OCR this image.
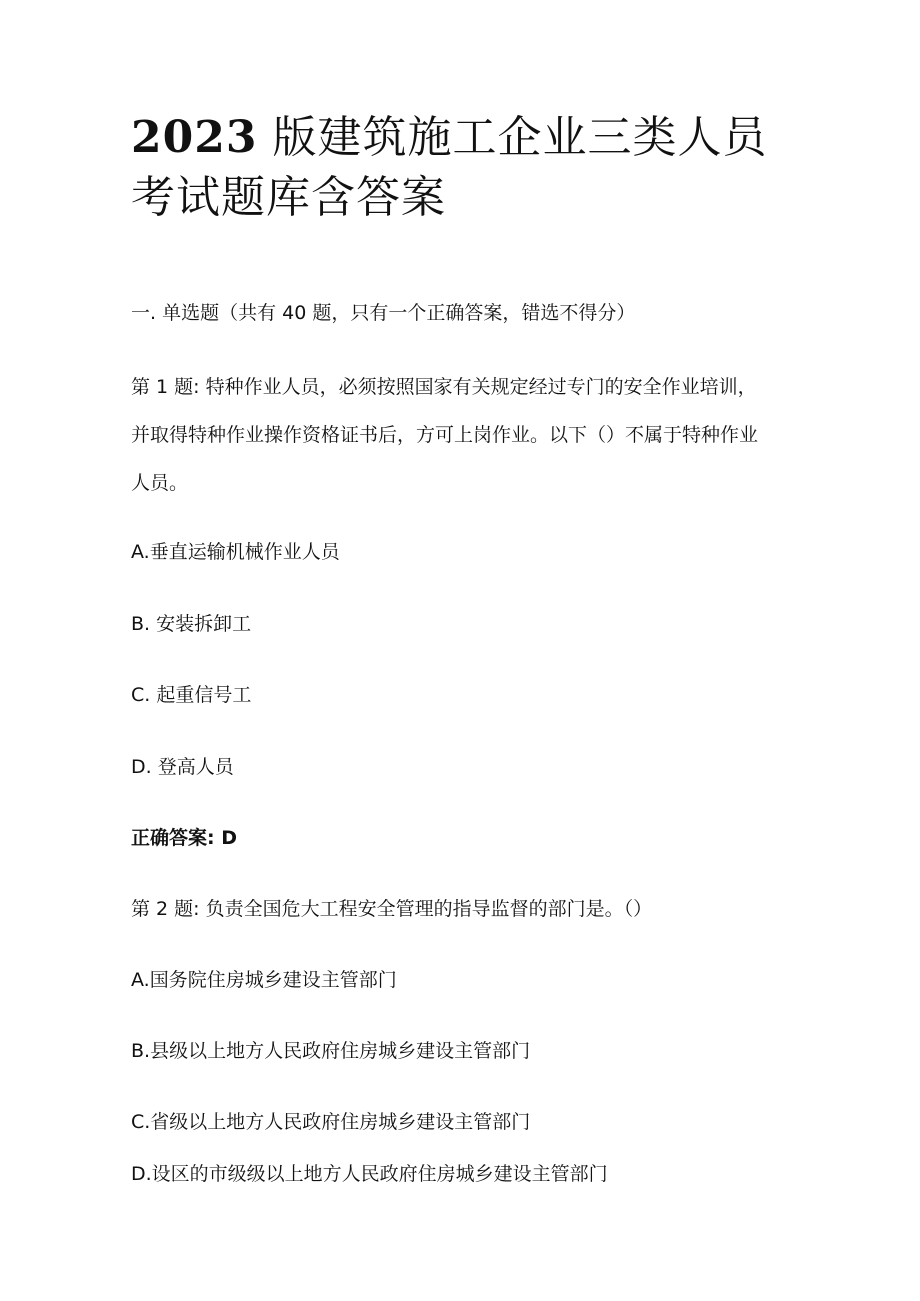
2023 版建筑施工企业三类人员考试题库含答案

一. 单选题（共有 40 题，只有一个正确答案，错选不得分）

第 1 题: 特种作业人员，必须按照国家有关规定经过专门的安全作业培训，

并取得特种作业操作资格证书后，方可上岗作业。以下（）不属于特种作业

人员。

A.垂直运输机械作业人员

B. 安装拆卸工

C. 起重信号工

D. 登高人员

正确答案: D

第 2 题: 负责全国危大工程安全管理的指导监督的部门是。（）

A.国务院住房城乡建设主管部门

B.县级以上地方人民政府住房城乡建设主管部门

C.省级以上地方人民政府住房城乡建设主管部门

D.设区的市级级以上地方人民政府住房城乡建设主管部门
